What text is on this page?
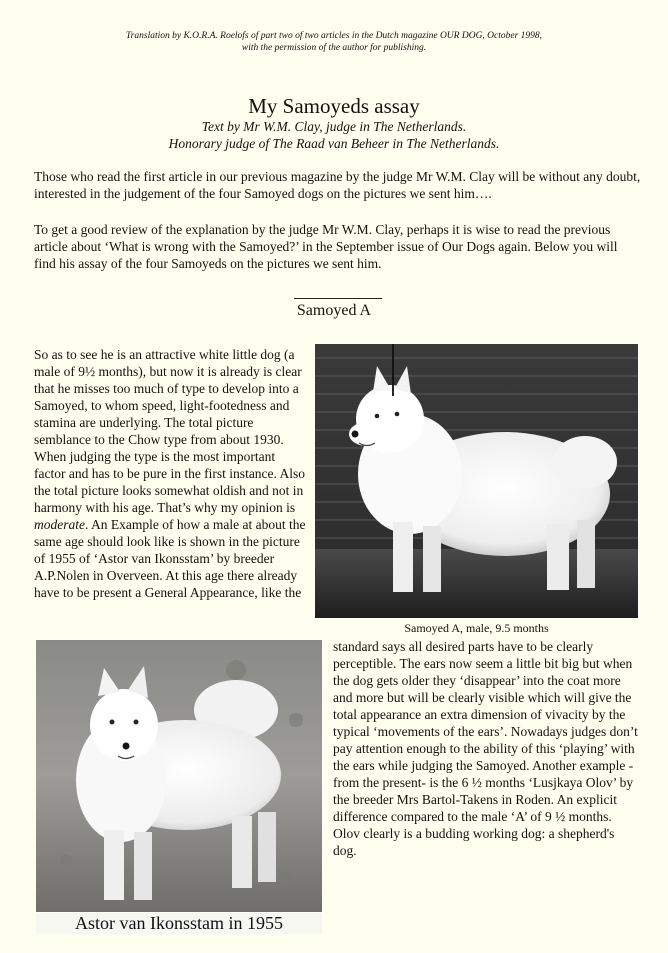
Translation by K.O.R.A. Roelofs of part two of two articles in the Dutch magazine OUR DOG, October 1998,
with the permission of the author for publishing.
My Samoyeds assay
Text by Mr W.M. Clay, judge in The Netherlands.
Honorary judge of The Raad van Beheer in The Netherlands.
Those who read the first article in our previous magazine by the judge Mr W.M. Clay will be without any doubt, interested in the judgement of the four Samoyed dogs on the pictures we sent him….
To get a good review of the explanation by the judge Mr W.M. Clay, perhaps it is wise to read the previous article about ‘What is wrong with the Samoyed?’ in the September issue of Our Dogs again. Below you will find his assay of the four Samoyeds on the pictures we sent him.
Samoyed A
So as to see he is an attractive white little dog (a male of 9½ months), but now it is already is clear that he misses too much of type to develop into a Samoyed, to whom speed, light-footedness and stamina are underlying. The total picture semblance to the Chow type from about 1930. When judging the type is the most important factor and has to be pure in the first instance. Also the total picture looks somewhat oldish and not in harmony with his age. That’s why my opinion is moderate. An Example of how a male at about the same age should look like is shown in the picture of 1955 of ‘Astor van Ikonsstam’ by breeder A.P.Nolen in Overveen. At this age there already have to be present a General Appearance, like the
Samoyed A, male, 9.5 months
Astor van Ikonsstam in 1955
standard says all desired parts have to be clearly perceptible. The ears now seem a little bit big but when the dog gets older they ‘disappear’ into the coat more and more but will be clearly visible which will give the total appearance an extra dimension of vivacity by the typical ‘movements of the ears’. Nowadays judges don’t pay attention enough to the ability of this ‘playing’ with the ears while judging the Samoyed. Another example -from the present- is the 6 ½ months ‘Lusjkaya Olov’ by the breeder Mrs Bartol-Takens in Roden. An explicit difference compared to the male ‘A’ of 9 ½ months. Olov clearly is a budding working dog: a shepherd's dog.
